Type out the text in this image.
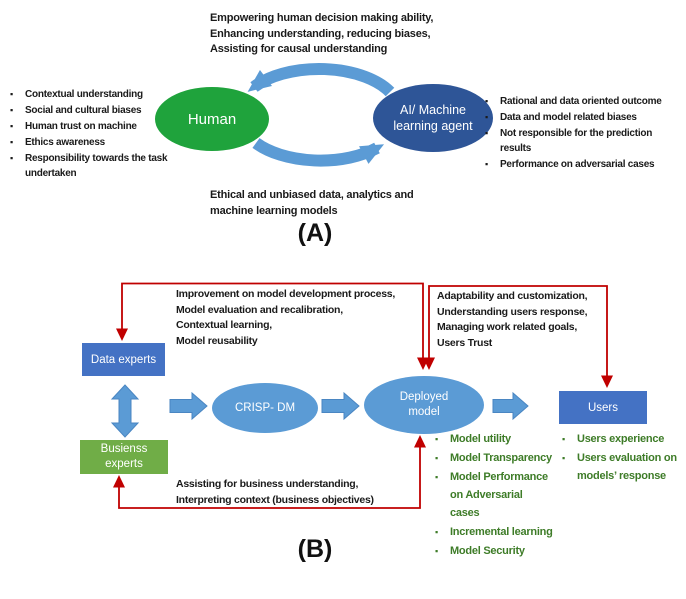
Empowering human decision making ability,
Enhancing understanding, reducing biases,
Assisting for causal understanding
▪ Contextual understanding
▪ Social and cultural biases
▪ Human trust on machine
▪ Ethics awareness
▪ Responsibility towards the task undertaken
▪ Rational and data oriented outcome
▪ Data and model related biases
▪ Not responsible for the prediction results
▪ Performance on adversarial cases
Human
AI/ Machine
learning agent
Ethical and unbiased data, analytics and
machine learning models
(A)
Improvement on model development process,
Model evaluation and recalibration,
Contextual learning,
Model reusability
Adaptability and customization,
Understanding users response,
Managing work related goals,
Users Trust
Data experts
Busienss
experts
CRISP- DM
Deployed
model	Users
▪ Model utility
▪ Model Transparency
▪ Model Performance on Adversarial cases
▪ Incremental learning
▪ Model Security
▪ Users experience
▪ Users evaluation on models’ response
Assisting for business understanding,
Interpreting context (business objectives)
(B)
